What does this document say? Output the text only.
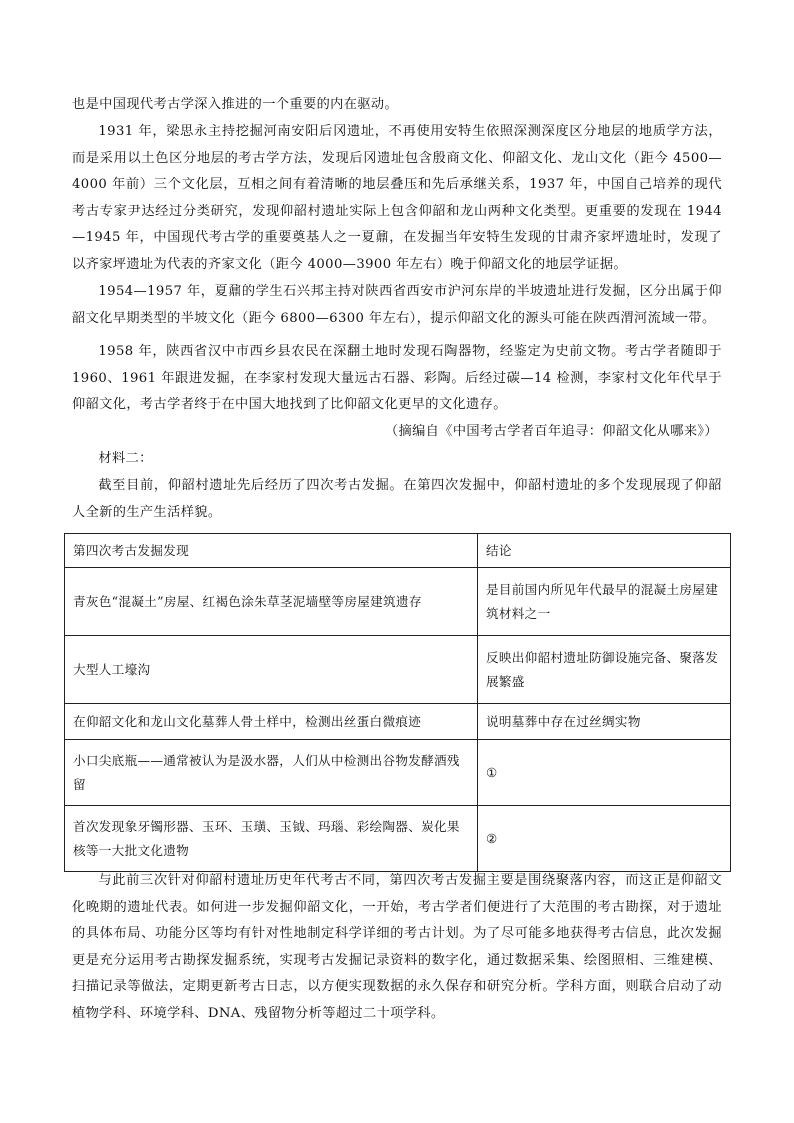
也是中国现代考古学深入推进的一个重要的内在驱动。

1931 年，梁思永主持挖掘河南安阳后冈遗址，不再使用安特生依照深测深度区分地层的地质学方法，而是采用以土色区分地层的考古学方法，发现后冈遗址包含殷商文化、仰韶文化、龙山文化（距今 4500—4000 年前）三个文化层，互相之间有着清晰的地层叠压和先后承继关系，1937 年，中国自己培养的现代考古专家尹达经过分类研究，发现仰韶村遗址实际上包含仰韶和龙山两种文化类型。更重要的发现在 1944—1945 年，中国现代考古学的重要奠基人之一夏鼐，在发掘当年安特生发现的甘肃齐家坪遗址时，发现了以齐家坪遗址为代表的齐家文化（距今 4000—3900 年左右）晚于仰韶文化的地层学证据。

1954—1957 年，夏鼐的学生石兴邦主持对陕西省西安市沪河东岸的半坡遗址进行发掘，区分出属于仰韶文化早期类型的半坡文化（距今 6800—6300 年左右），提示仰韶文化的源头可能在陕西渭河流域一带。

1958 年，陕西省汉中市西乡县农民在深翻土地时发现石陶器物，经鉴定为史前文物。考古学者随即于 1960、1961 年跟进发掘，在李家村发现大量远古石器、彩陶。后经过碳—14 检测，李家村文化年代早于仰韶文化，考古学者终于在中国大地找到了比仰韶文化更早的文化遗存。

（摘编自《中国考古学者百年追寻：仰韶文化从哪来》）

材料二：

截至目前，仰韶村遗址先后经历了四次考古发掘。在第四次发掘中，仰韶村遗址的多个发现展现了仰韶人全新的生产生活样貌。

第四次考古发掘发现	结论
青灰色“混凝土”房屋、红褐色涂朱草茎泥墙壁等房屋建筑遗存	是目前国内所见年代最早的混凝土房屋建筑材料之一
大型人工壕沟	反映出仰韶村遗址防御设施完备、聚落发展繁盛
在仰韶文化和龙山文化墓葬人骨土样中，检测出丝蛋白微痕迹	说明墓葬中存在过丝绸实物
小口尖底瓶——通常被认为是汲水器，人们从中检测出谷物发酵酒残留	①
首次发现象牙镯形器、玉环、玉璜、玉钺、玛瑙、彩绘陶器、炭化果核等一大批文化遗物	②

与此前三次针对仰韶村遗址历史年代考古不同，第四次考古发掘主要是围绕聚落内容，而这正是仰韶文化晚期的遗址代表。如何进一步发掘仰韶文化，一开始，考古学者们便进行了大范围的考古勘探，对于遗址的具体布局、功能分区等均有针对性地制定科学详细的考古计划。为了尽可能多地获得考古信息，此次发掘更是充分运用考古勘探发掘系统，实现考古发掘记录资料的数字化，通过数据采集、绘图照相、三维建模、扫描记录等做法，定期更新考古日志，以方便实现数据的永久保存和研究分析。学科方面，则联合启动了动植物学科、环境学科、DNA、残留物分析等超过二十项学科。
